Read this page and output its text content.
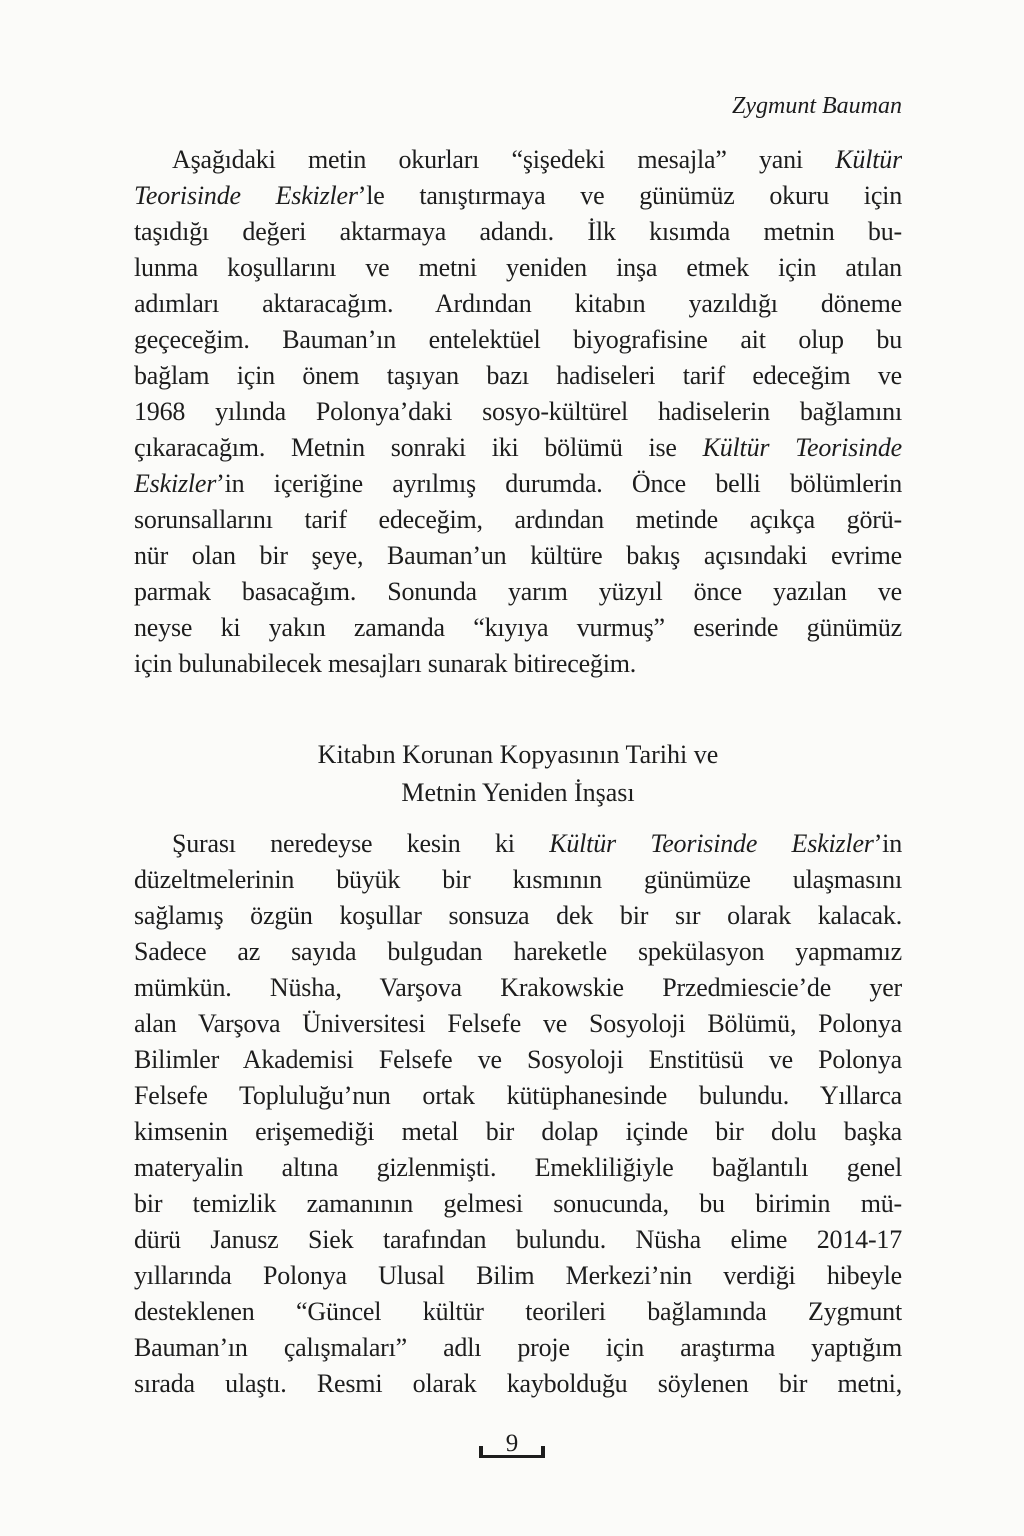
Zygmunt Bauman
Aşağıdaki metin okurları “şişedeki mesajla” yani Kültür
Teorisinde Eskizler’le tanıştırmaya ve günümüz okuru için
taşıdığı değeri aktarmaya adandı. İlk kısımda metnin bu-
lunma koşullarını ve metni yeniden inşa etmek için atılan
adımları aktaracağım. Ardından kitabın yazıldığı döneme
geçeceğim. Bauman’ın entelektüel biyografisine ait olup bu
bağlam için önem taşıyan bazı hadiseleri tarif edeceğim ve
1968 yılında Polonya’daki sosyo-kültürel hadiselerin bağlamını
çıkaracağım. Metnin sonraki iki bölümü ise Kültür Teorisinde
Eskizler’in içeriğine ayrılmış durumda. Önce belli bölümlerin
sorunsallarını tarif edeceğim, ardından metinde açıkça görü-
nür olan bir şeye, Bauman’un kültüre bakış açısındaki evrime
parmak basacağım. Sonunda yarım yüzyıl önce yazılan ve
neyse ki yakın zamanda “kıyıya vurmuş” eserinde günümüz
için bulunabilecek mesajları sunarak bitireceğim.
Kitabın Korunan Kopyasının Tarihi ve
Metnin Yeniden İnşası
Şurası neredeyse kesin ki Kültür Teorisinde Eskizler’in
düzeltmelerinin büyük bir kısmının günümüze ulaşmasını
sağlamış özgün koşullar sonsuza dek bir sır olarak kalacak.
Sadece az sayıda bulgudan hareketle spekülasyon yapmamız
mümkün. Nüsha, Varşova Krakowskie Przedmiescie’de yer
alan Varşova Üniversitesi Felsefe ve Sosyoloji Bölümü, Polonya
Bilimler Akademisi Felsefe ve Sosyoloji Enstitüsü ve Polonya
Felsefe Topluluğu’nun ortak kütüphanesinde bulundu. Yıllarca
kimsenin erişemediği metal bir dolap içinde bir dolu başka
materyalin altına gizlenmişti. Emekliliğiyle bağlantılı genel
bir temizlik zamanının gelmesi sonucunda, bu birimin mü-
dürü Janusz Siek tarafından bulundu. Nüsha elime 2014-17
yıllarında Polonya Ulusal Bilim Merkezi’nin verdiği hibeyle
desteklenen “Güncel kültür teorileri bağlamında Zygmunt
Bauman’ın çalışmaları” adlı proje için araştırma yaptığım
sırada ulaştı. Resmi olarak kaybolduğu söylenen bir metni,
9
